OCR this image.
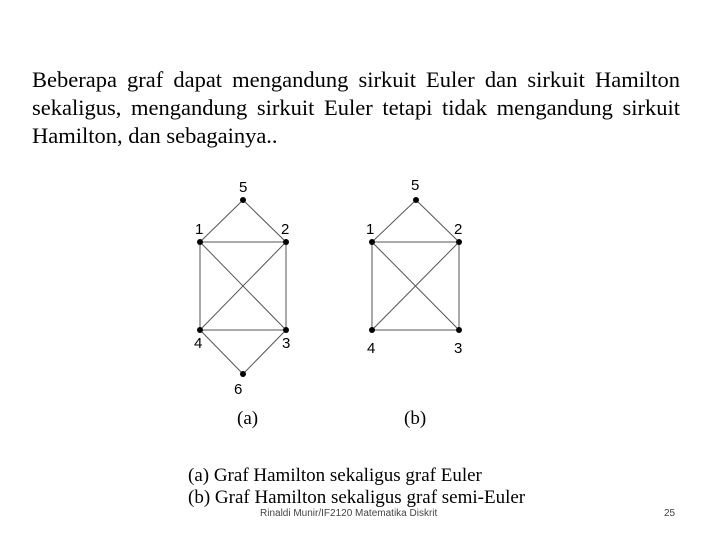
Beberapa graf dapat mengandung sirkuit Euler dan sirkuit Hamilton sekaligus, mengandung sirkuit Euler tetapi tidak mengandung sirkuit Hamilton, dan sebagainya..
5
1	2
4	3
6
(a)
5
1	2
4	3
(b)
(a) Graf Hamilton sekaligus graf Euler
(b) Graf Hamilton sekaligus graf semi-Euler
Rinaldi Munir/IF2120 Matematika Diskrit	25
